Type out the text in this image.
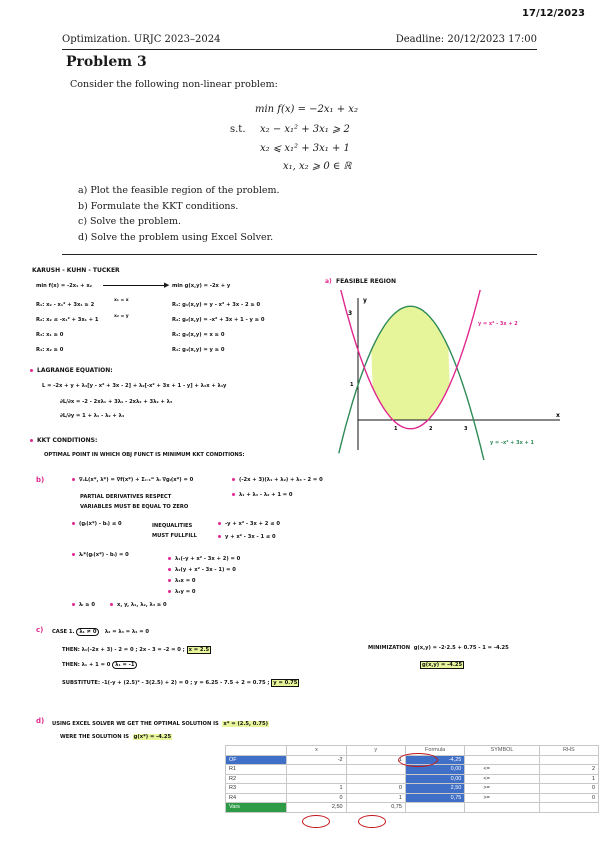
17/12/2023
Optimization. URJC 2023–2024	Deadline: 20/12/2023 17:00
Problem 3
Consider the following non-linear problem:
min f(x) = −2x₁ + x₂
s.t. x₂ − x₁² + 3x₁ ⩾ 2
x₂ ⩽ x₁² + 3x₁ + 1
x₁, x₂ ⩾ 0 ∈ ℝ
a) Plot the feasible region of the problem.
b) Formulate the KKT conditions.
c) Solve the problem.
d) Solve the problem using Excel Solver.
KARUSH - KUHN - TUCKER
min f(x) = -2x₁ + x₂	▶ min g(x,y) = -2x + y
x₁ = x
x₂ = y
R₁: x₂ - x₁² + 3x₁ ≥ 2
R₂: x₂ ≤ -x₁² + 3x₁ + 1
R₃: x₁ ≥ 0
R₄: x₂ ≥ 0
R₁: g₁(x,y) = y - x² + 3x - 2 ≥ 0
R₂: g₂(x,y) = -x² + 3x + 1 - y ≥ 0
R₃: g₃(x,y) = x ≥ 0
R₄: g₄(x,y) = y ≥ 0
LAGRANGE EQUATION:
L = -2x + y + λ₁[y - x² + 3x - 2] + λ₂[-x² + 3x + 1 - y] + λ₃x + λ₄y
∂L/∂x = -2 - 2xλ₁ + 3λ₁ - 2xλ₂ + 3λ₂ + λ₃
∂L/∂y = 1 + λ₁ - λ₂ + λ₄
KKT CONDITIONS:
OPTIMAL POINT IN WHICH OBJ FUNCT IS MINIMUM KKT CONDITIONS:
b)	∇ₓL(x*, λ*) = ∇f(x*) + Σᵢ₌₁ᵐ λᵢ ∇gᵢ(x*) = 0	(-2x + 3)(λ₁ + λ₂) + λ₃ - 2 = 0
λ₁ + λ₄ - λ₂ + 1 = 0
PARTIAL DERIVATIVES RESPECT
VARIABLES MUST BE EQUAL TO ZERO
(gᵢ(x*) - bᵢ) ≤ 0	INEQUALITIES
MUST FULLFILL
-y + x² - 3x + 2 ≤ 0
y + x² - 3x - 1 ≤ 0
λᵢ*(gᵢ(x*) - bᵢ) = 0
λ₁(-y + x² - 3x + 2) = 0
λ₂(y + x² - 3x - 1) = 0
λ₃x = 0
λ₄y = 0
λᵢ ≥ 0	x, y, λ₁, λ₂, λ₃ ≥ 0
c) CASE 1. λ₁ ≠ 0 λ₂ = λ₃ = λ₄ = 0
THEN: λ₁(-2x + 3) - 2 = 0 ; 2x - 3 = -2 = 0 ; x = 2.5
THEN: λ₁ + 1 = 0 λ₁ = -1
SUBSTITUTE: -1(-y + (2.5)² - 3(2.5) + 2) = 0 ; y = 6.25 - 7.5 + 2 = 0.75 ; y = 0.75
MINIMIZATION g(x,y) = -2·2.5 + 0.75 - 1 = -4.25
g(x,y) = -4.25
d) USING EXCEL SOLVER WE GET THE OPTIMAL SOLUTION IS x* = (2.5, 0.75)
WERE THE SOLUTION IS g(x*) = -4.25
a) FEASIBLE REGION
3
1
y
x
1	2	3
y = x² - 3x + 2
y = -x² + 3x + 1
	x	y	Formula	SYMBOL	RHS
OF	-2	1	-4,25		
R1			0,00	<=	2
R2			0,00	<=	1
R3	1	0	2,50	>=	0
R4	0	1	0,75	>=	0
Vars	2,50	0,75			
